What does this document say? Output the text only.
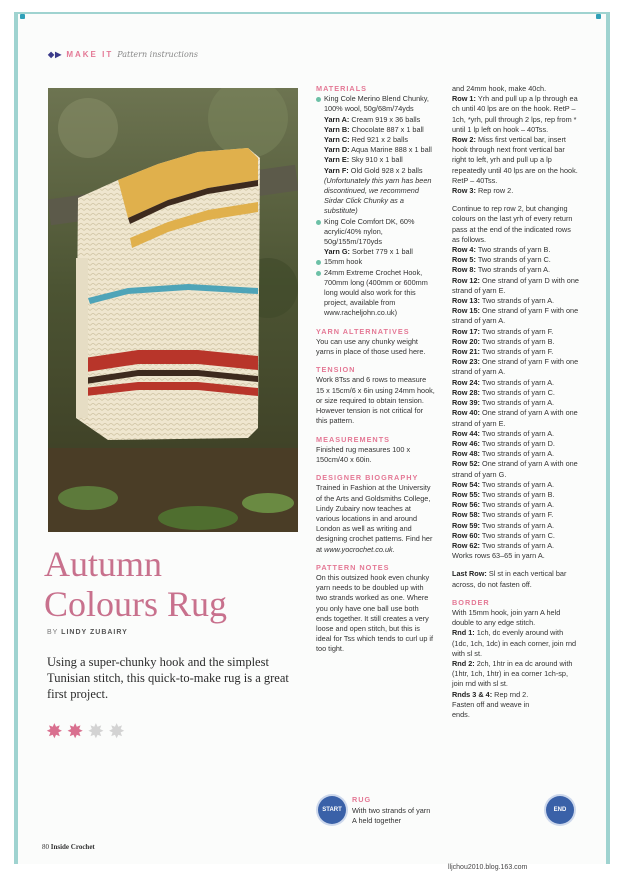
◆▶ MAKE IT Pattern instructions
Autumn
Colours Rug
BY LINDY ZUBAIRY
Using a super-chunky hook and the simplest Tunisian stitch, this quick-to-make rug is a great first project.
✸ ✸ ✸ ✸

MATERIALS

King Cole Merino Blend Chunky, 100% wool, 50g/68m/74yds

Yarn A: Cream 919 x 36 balls

Yarn B: Chocolate 887 x 1 ball

Yarn C: Red 921 x 2 balls

Yarn D: Aqua Marine 888 x 1 ball

Yarn E: Sky 910 x 1 ball

Yarn F: Old Gold 928 x 2 balls

(Unfortunately this yarn has been discontinued, we recommend Sirdar Click Chunky as a substitute)

King Cole Comfort DK, 60% acrylic/40% nylon, 50g/155m/170yds

Yarn G: Sorbet 779 x 1 ball

15mm hook

24mm Extreme Crochet Hook, 700mm long (400mm or 600mm long would also work for this project, available from www.racheljohn.co.uk)

YARN ALTERNATIVES

You can use any chunky weight yarns in place of those used here.

TENSION

Work 8Tss and 6 rows to measure 15 x 15cm/6 x 6in using 24mm hook, or size required to obtain tension. However tension is not critical for this pattern.

MEASUREMENTS

Finished rug measures 100 x 150cm/40 x 60in.

DESIGNER BIOGRAPHY

Trained in Fashion at the University of the Arts and Goldsmiths College, Lindy Zubairy now teaches at various locations in and around London as well as writing and designing crochet patterns. Find her at www.yocrochet.co.uk.

PATTERN NOTES

On this outsized hook even chunky yarn needs to be doubled up with two strands worked as one. Where you only have one ball use both ends together. It still creates a very loose and open stitch, but this is ideal for Tss which tends to curl up if too tight.

START
RUG
With two strands of yarn A held together

and 24mm hook, make 40ch.

Row 1: Yrh and pull up a lp through ea ch until 40 lps are on the hook. RetP – 1ch, *yrh, pull through 2 lps, rep from * until 1 lp left on hook – 40Tss.

Row 2: Miss first vertical bar, insert hook through next front vertical bar right to left, yrh and pull up a lp repeatedly until 40 lps are on the hook. RetP – 40Tss.

Row 3: Rep row 2.

Continue to rep row 2, but changing colours on the last yrh of every return pass at the end of the indicated rows as follows.

Row 4: Two strands of yarn B.

Row 5: Two strands of yarn C.

Row 8: Two strands of yarn A.

Row 12: One strand of yarn D with one strand of yarn E.

Row 13: Two strands of yarn A.

Row 15: One strand of yarn F with one strand of yarn A.

Row 17: Two strands of yarn F.

Row 20: Two strands of yarn B.

Row 21: Two strands of yarn F.

Row 23: One strand of yarn F with one strand of yarn A.

Row 24: Two strands of yarn A.

Row 28: Two strands of yarn C.

Row 39: Two strands of yarn A.

Row 40: One strand of yarn A with one strand of yarn E.

Row 44: Two strands of yarn A.

Row 46: Two strands of yarn D.

Row 48: Two strands of yarn A.

Row 52: One strand of yarn A with one strand of yarn G.

Row 54: Two strands of yarn A.

Row 55: Two strands of yarn B.

Row 56: Two strands of yarn A.

Row 58: Two strands of yarn F.

Row 59: Two strands of yarn A.

Row 60: Two strands of yarn C.

Row 62: Two strands of yarn A.

Works rows 63–65 in yarn A.

Last Row: Sl st in each vertical bar across, do not fasten off.

BORDER

With 15mm hook, join yarn A held double to any edge stitch.

Rnd 1: 1ch, dc evenly around with (1dc, 1ch, 1dc) in each corner, join rnd with sl st.

Rnd 2: 2ch, 1htr in ea dc around with (1htr, 1ch, 1htr) in ea corner 1ch-sp, join rnd with sl st.

Rnds 3 & 4: Rep rnd 2. Fasten off and weave in ends.

END
80 Inside Crochet
lljchou2010.blog.163.com
